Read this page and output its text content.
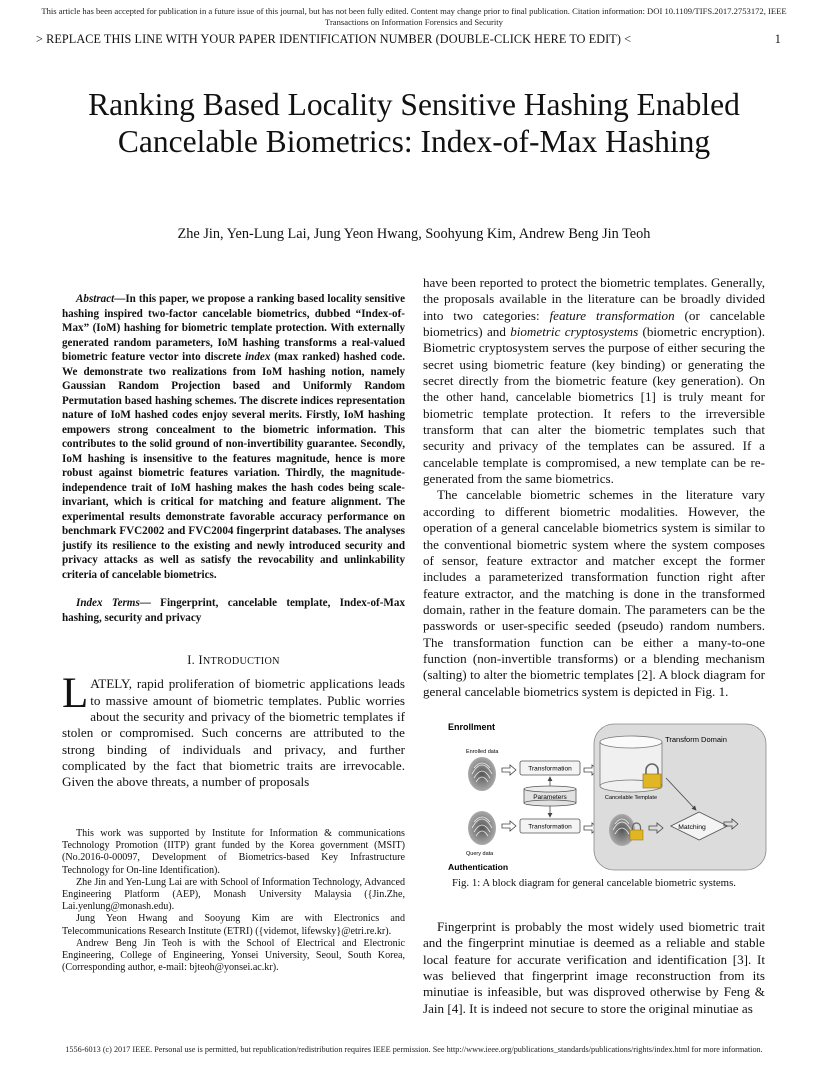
This article has been accepted for publication in a future issue of this journal, but has not been fully edited. Content may change prior to final publication. Citation information: DOI 10.1109/TIFS.2017.2753172, IEEE
Transactions on Information Forensics and Security
> REPLACE THIS LINE WITH YOUR PAPER IDENTIFICATION NUMBER (DOUBLE-CLICK HERE TO EDIT) <	1
Ranking Based Locality Sensitive Hashing Enabled Cancelable Biometrics: Index-of-Max Hashing
Zhe Jin, Yen-Lung Lai, Jung Yeon Hwang, Soohyung Kim, Andrew Beng Jin Teoh

Abstract—In this paper, we propose a ranking based locality sensitive hashing inspired two-factor cancelable biometrics, dubbed “Index-of-Max” (IoM) hashing for biometric template protection. With externally generated random parameters, IoM hashing transforms a real-valued biometric feature vector into discrete index (max ranked) hashed code. We demonstrate two realizations from IoM hashing notion, namely Gaussian Random Projection based and Uniformly Random Permutation based hashing schemes. The discrete indices representation nature of IoM hashed codes enjoy several merits. Firstly, IoM hashing empowers strong concealment to the biometric information. This contributes to the solid ground of non-invertibility guarantee. Secondly, IoM hashing is insensitive to the features magnitude, hence is more robust against biometric features variation. Thirdly, the magnitude-independence trait of IoM hashing makes the hash codes being scale-invariant, which is critical for matching and feature alignment. The experimental results demonstrate favorable accuracy performance on benchmark FVC2002 and FVC2004 fingerprint databases. The analyses justify its resilience to the existing and newly introduced security and privacy attacks as well as satisfy the revocability and unlinkability criteria of cancelable biometrics.

Index Terms— Fingerprint, cancelable template, Index-of-Max hashing, security and privacy

I. INTRODUCTION

LATELY, rapid proliferation of biometric applications leads to massive amount of biometric templates. Public worries about the security and privacy of the biometric templates if stolen or compromised. Such concerns are attributed to the strong binding of individuals and privacy, and further complicated by the fact that biometric traits are irrevocable. Given the above threats, a number of proposals

This work was supported by Institute for Information & communications Technology Promotion (IITP) grant funded by the Korea government (MSIT) (No.2016-0-00097, Development of Biometrics-based Key Infrastructure Technology for On-line Identification).

Zhe Jin and Yen-Lung Lai are with School of Information Technology, Advanced Engineering Platform (AEP), Monash University Malaysia ({Jin.Zhe, Lai.yenlung@monash.edu).

Jung Yeon Hwang and Sooyung Kim are with Electronics and Telecommunications Research Institute (ETRI) ({videmot, lifewsky}@etri.re.kr).

Andrew Beng Jin Teoh is with the School of Electrical and Electronic Engineering, College of Engineering, Yonsei University, Seoul, South Korea, (Corresponding author, e-mail: bjteoh@yonsei.ac.kr).

have been reported to protect the biometric templates. Generally, the proposals available in the literature can be broadly divided into two categories: feature transformation (or cancelable biometrics) and biometric cryptosystems (biometric encryption). Biometric cryptosystem serves the purpose of either securing the secret using biometric feature (key binding) or generating the secret directly from the biometric feature (key generation). On the other hand, cancelable biometrics [1] is truly meant for biometric template protection. It refers to the irreversible transform that can alter the biometric templates such that security and privacy of the templates can be assured. If a cancelable template is compromised, a new template can be re-generated from the same biometrics.

The cancelable biometric schemes in the literature vary according to different biometric modalities. However, the operation of a general cancelable biometrics system is similar to the conventional biometric system where the system composes of sensor, feature extractor and matcher except the former includes a parameterized transformation function right after feature extractor, and the matching is done in the transformed domain, rather in the feature domain. The parameters can be the passwords or user-specific seeded (pseudo) random numbers. The transformation function can be either a many-to-one function (non-invertible transforms) or a blending mechanism (salting) to alter the biometric templates [2]. A block diagram for general cancelable biometrics system is depicted in Fig. 1.

Enrollment
Enrolled data
Query data
Transformation
Transformation
Parameters
Transform Domain
Cancelable Template
Matching
Authentication
Fig. 1: A block diagram for general cancelable biometric systems.

Fingerprint is probably the most widely used biometric trait and the fingerprint minutiae is deemed as a reliable and stable local feature for accurate verification and identification [3]. It was believed that fingerprint image reconstruction from its minutiae is infeasible, but was disproved otherwise by Feng & Jain [4]. It is indeed not secure to store the original minutiae as

1556-6013 (c) 2017 IEEE. Personal use is permitted, but republication/redistribution requires IEEE permission. See http://www.ieee.org/publications_standards/publications/rights/index.html for more information.
